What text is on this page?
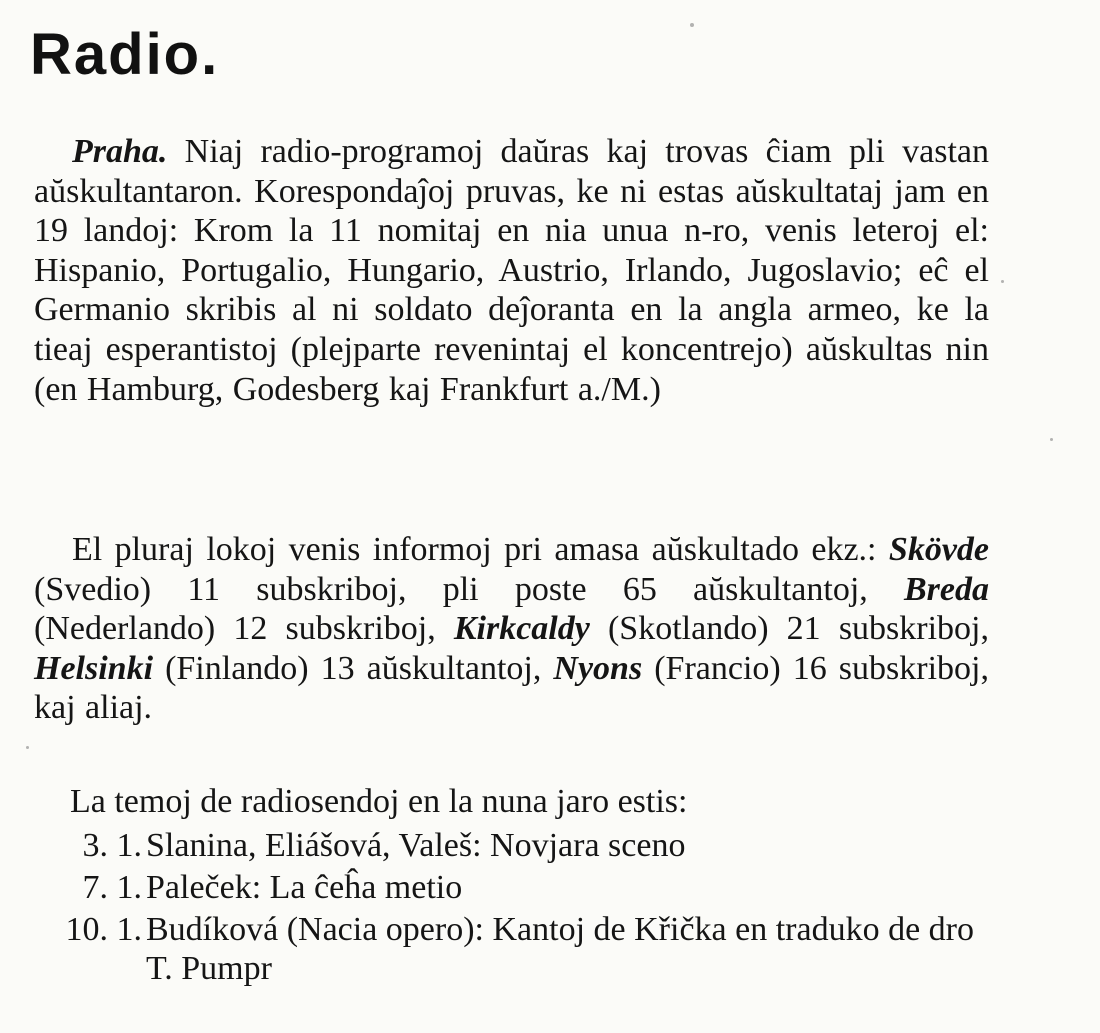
Radio.

Praha. Niaj radio-programoj daŭras kaj trovas ĉiam pli vastan aŭskultantaron. Korespondaĵoj pruvas, ke ni estas aŭskultataj jam en 19 landoj: Krom la 11 nomitaj en nia unua n-ro, venis leteroj el: Hispanio, Portugalio, Hungario, Austrio, Irlando, Jugoslavio; eĉ el Germanio skribis al ni soldato deĵoranta en la angla armeo, ke la tieaj esperantistoj (plejparte revenintaj el koncentrejo) aŭskultas nin (en Hamburg, Godesberg kaj Frankfurt a./M.)

El pluraj lokoj venis informoj pri amasa aŭskultado ekz.: Skövde (Svedio) 11 subskriboj, pli poste 65 aŭskultantoj, Breda (Nederlando) 12 subskriboj, Kirkcaldy (Skotlando) 21 subskriboj, Helsinki (Finlando) 13 aŭskultantoj, Nyons (Francio) 16 subskriboj, kaj aliaj.

La temoj de radiosendoj en la nuna jaro estis:

3. 1. Slanina, Eliášová, Valeš: Novjara sceno
7. 1. Paleček: La ĉeĥa metio
10. 1. Budíková (Nacia opero): Kantoj de Křička en traduko de dro T. Pumpr
